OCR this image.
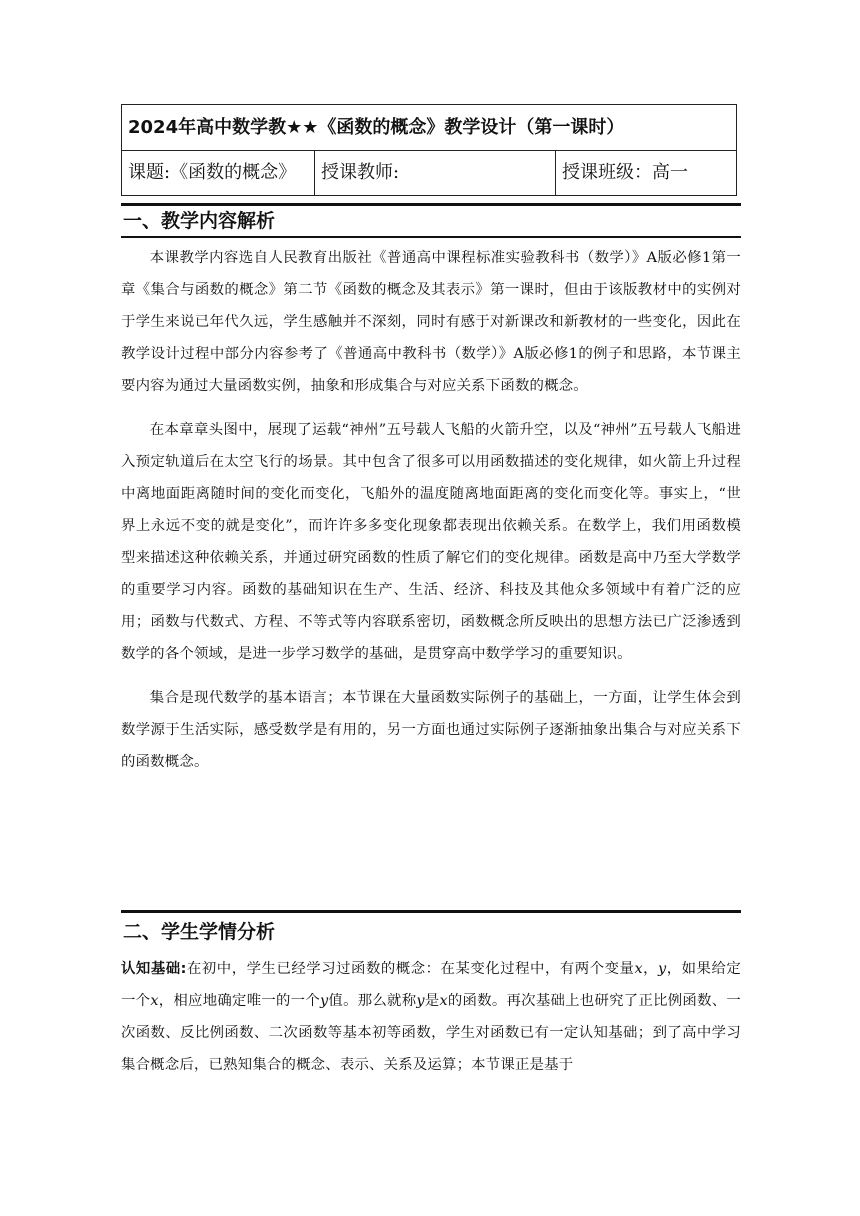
2024年高中数学教★★《函数的概念》教学设计（第一课时）
课题:《函数的概念》	授课教师:	授课班级：高一
一、教学内容解析

本课教学内容选自人民教育出版社《普通高中课程标准实验教科书（数学）》A版必修1第一章《集合与函数的概念》第二节《函数的概念及其表示》第一课时，但由于该版教材中的实例对于学生来说已年代久远，学生感触并不深刻，同时有感于对新课改和新教材的一些变化，因此在教学设计过程中部分内容参考了《普通高中教科书（数学）》A版必修1的例子和思路，本节课主要内容为通过大量函数实例，抽象和形成集合与对应关系下函数的概念。

在本章章头图中，展现了运载“神州”五号载人飞船的火箭升空，以及“神州”五号载人飞船进入预定轨道后在太空飞行的场景。其中包含了很多可以用函数描述的变化规律，如火箭上升过程中离地面距离随时间的变化而变化，飞船外的温度随离地面距离的变化而变化等。事实上，“世界上永远不变的就是变化”，而许许多多变化现象都表现出依赖关系。在数学上，我们用函数模型来描述这种依赖关系，并通过研究函数的性质了解它们的变化规律。函数是高中乃至大学数学的重要学习内容。函数的基础知识在生产、生活、经济、科技及其他众多领域中有着广泛的应用；函数与代数式、方程、不等式等内容联系密切，函数概念所反映出的思想方法已广泛渗透到数学的各个领域，是进一步学习数学的基础，是贯穿高中数学学习的重要知识。

集合是现代数学的基本语言；本节课在大量函数实际例子的基础上，一方面，让学生体会到数学源于生活实际，感受数学是有用的，另一方面也通过实际例子逐渐抽象出集合与对应关系下的函数概念。

二、学生学情分析

认知基础:在初中，学生已经学习过函数的概念：在某变化过程中，有两个变量x，y，如果给定一个x，相应地确定唯一的一个y值。那么就称y是x的函数。再次基础上也研究了正比例函数、一次函数、反比例函数、二次函数等基本初等函数，学生对函数已有一定认知基础；到了高中学习集合概念后，已熟知集合的概念、表示、关系及运算；本节课正是基于
